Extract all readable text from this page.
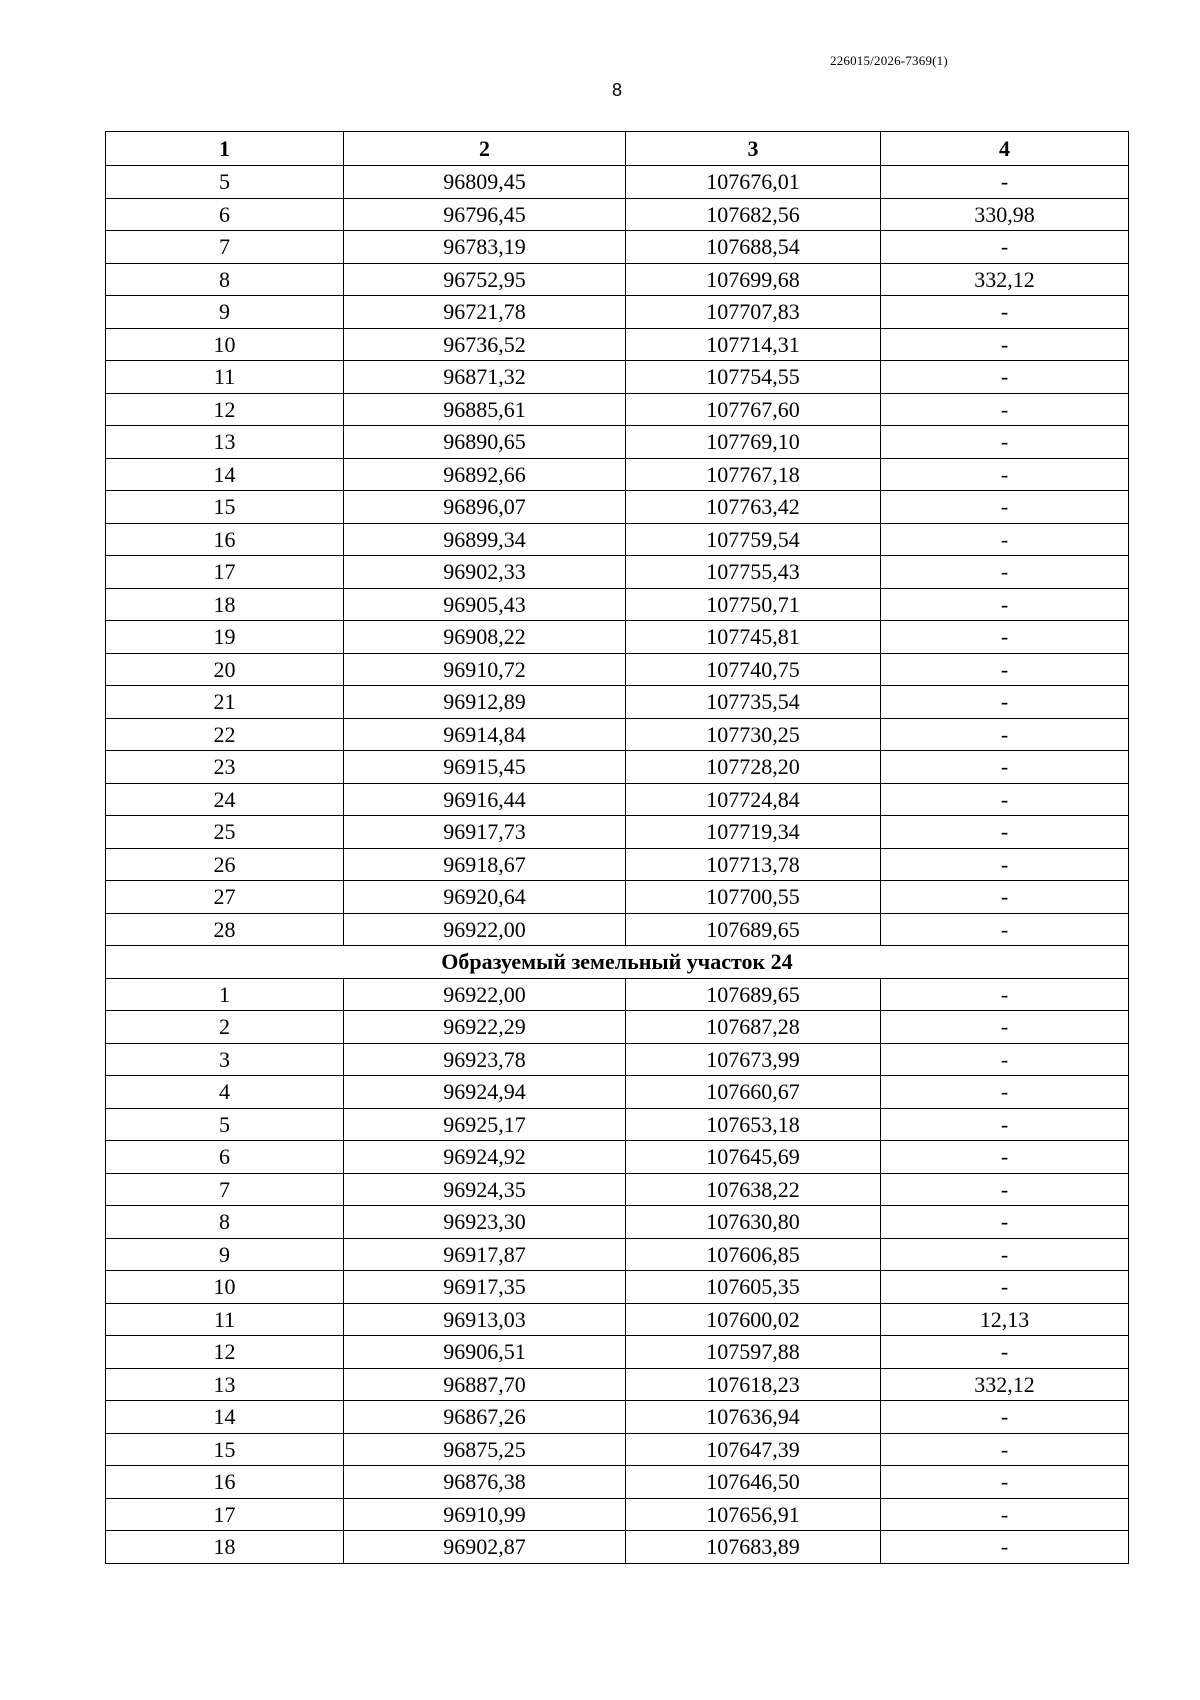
226015/2026-7369(1)
8
1	2	3	4
5	96809,45	107676,01	-
6	96796,45	107682,56	330,98
7	96783,19	107688,54	-
8	96752,95	107699,68	332,12
9	96721,78	107707,83	-
10	96736,52	107714,31	-
11	96871,32	107754,55	-
12	96885,61	107767,60	-
13	96890,65	107769,10	-
14	96892,66	107767,18	-
15	96896,07	107763,42	-
16	96899,34	107759,54	-
17	96902,33	107755,43	-
18	96905,43	107750,71	-
19	96908,22	107745,81	-
20	96910,72	107740,75	-
21	96912,89	107735,54	-
22	96914,84	107730,25	-
23	96915,45	107728,20	-
24	96916,44	107724,84	-
25	96917,73	107719,34	-
26	96918,67	107713,78	-
27	96920,64	107700,55	-
28	96922,00	107689,65	-
Образуемый земельный участок 24			
1	96922,00	107689,65	-
2	96922,29	107687,28	-
3	96923,78	107673,99	-
4	96924,94	107660,67	-
5	96925,17	107653,18	-
6	96924,92	107645,69	-
7	96924,35	107638,22	-
8	96923,30	107630,80	-
9	96917,87	107606,85	-
10	96917,35	107605,35	-
11	96913,03	107600,02	12,13
12	96906,51	107597,88	-
13	96887,70	107618,23	332,12
14	96867,26	107636,94	-
15	96875,25	107647,39	-
16	96876,38	107646,50	-
17	96910,99	107656,91	-
18	96902,87	107683,89	-
